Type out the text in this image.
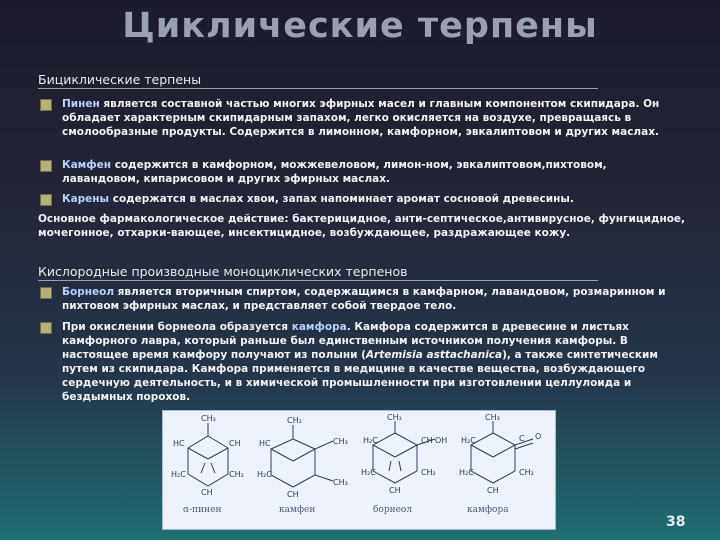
Циклические терпены
Бициклические терпены
Пинен является составной частью многих эфирных масел и главным компонентом скипидара. Он обладает характерным скипидарным запахом, легко окисляется на воздухе, превращаясь в смолообразные продукты. Содержится в лимонном, камфорном, эвкалиптовом и других маслах.
Камфен содержится в камфорном, можжевеловом, лимон-ном, эвкалиптовом,пихтовом, лавандовом, кипарисовом и других эфирных маслах.
Карены содержатся в маслах хвои, запах напоминает аромат сосновой древесины.
Основное фармакологическое действие: бактерицидное, анти-септическое,антивирусное, фунгицидное, мочегонное, отхарки-вающее, инсектицидное, возбуждающее, раздражающее кожу.
Кислородные производные моноциклических терпенов
Борнеол является вторичным спиртом, содержащимся в камфарном, лавандовом, розмаринном и пихтовом эфирных маслах, и представляет собой твердое тело.
При окислении борнеола образуется камфора. Камфора содержится в древесине и листьях камфорного лавра, который раньше был единственным источником получения камфоры. В настоящее время камфору получают из полыни (Artemisia asttachanica), а также синтетическим путем из скипидара. Камфора применяется в медицине в качестве вещества, возбуждающего сердечную деятельность, и в химической промышленности при изготовлении целлулоида и бездымных порохов.
CH₃
HC	CH
H₂C	CH₂
CH
CH₂
HC	CH₃
H₂C
CH₃
CH
CH₃
H₂C	CH OH
H₂C	CH₂
CH
CH₃
H₂C	C O
H₂C	CH₂
CH
α-пинен	камфен	борнеол	камфора
38
